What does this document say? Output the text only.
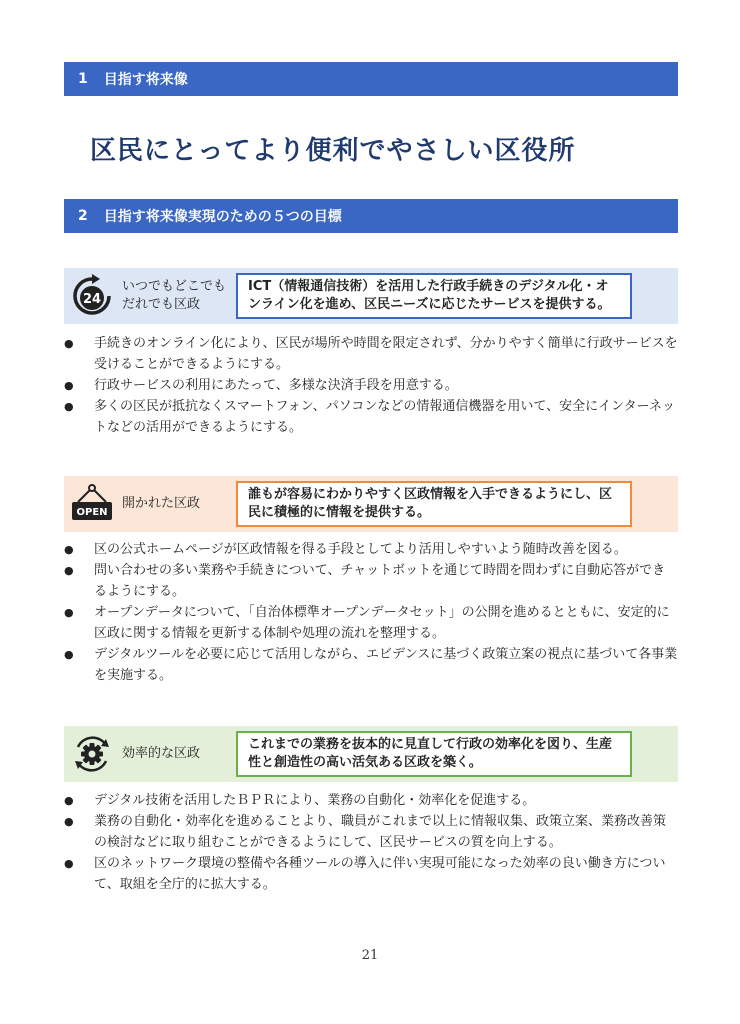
1 目指す将来像
区民にとってより便利でやさしい区役所
2 目指す将来像実現のための５つの目標
24
いつでもどこでも
だれでも区政
ICT（情報通信技術）を活用した行政手続きのデジタル化・オンライン化を進め、区民ニーズに応じたサービスを提供する。
● 手続きのオンライン化により、区民が場所や時間を限定されず、分かりやすく簡単に行政サービスを受けることができるようにする。
● 行政サービスの利用にあたって、多様な決済手段を用意する。
● 多くの区民が抵抗なくスマートフォン、パソコンなどの情報通信機器を用いて、安全にインターネットなどの活用ができるようにする。
OPEN
開かれた区政
誰もが容易にわかりやすく区政情報を入手できるようにし、区民に積極的に情報を提供する。
● 区の公式ホームページが区政情報を得る手段としてより活用しやすいよう随時改善を図る。
● 問い合わせの多い業務や手続きについて、チャットボットを通じて時間を問わずに自動応答ができるようにする。
● オープンデータについて、「自治体標準オープンデータセット」の公開を進めるとともに、安定的に区政に関する情報を更新する体制や処理の流れを整理する。
● デジタルツールを必要に応じて活用しながら、エビデンスに基づく政策立案の視点に基づいて各事業を実施する。
効率的な区政
これまでの業務を抜本的に見直して行政の効率化を図り、生産性と創造性の高い活気ある区政を築く。
● デジタル技術を活用したＢＰＲにより、業務の自動化・効率化を促進する。
● 業務の自動化・効率化を進めることより、職員がこれまで以上に情報収集、政策立案、業務改善策の検討などに取り組むことができるようにして、区民サービスの質を向上する。
● 区のネットワーク環境の整備や各種ツールの導入に伴い実現可能になった効率の良い働き方について、取組を全庁的に拡大する。
21
